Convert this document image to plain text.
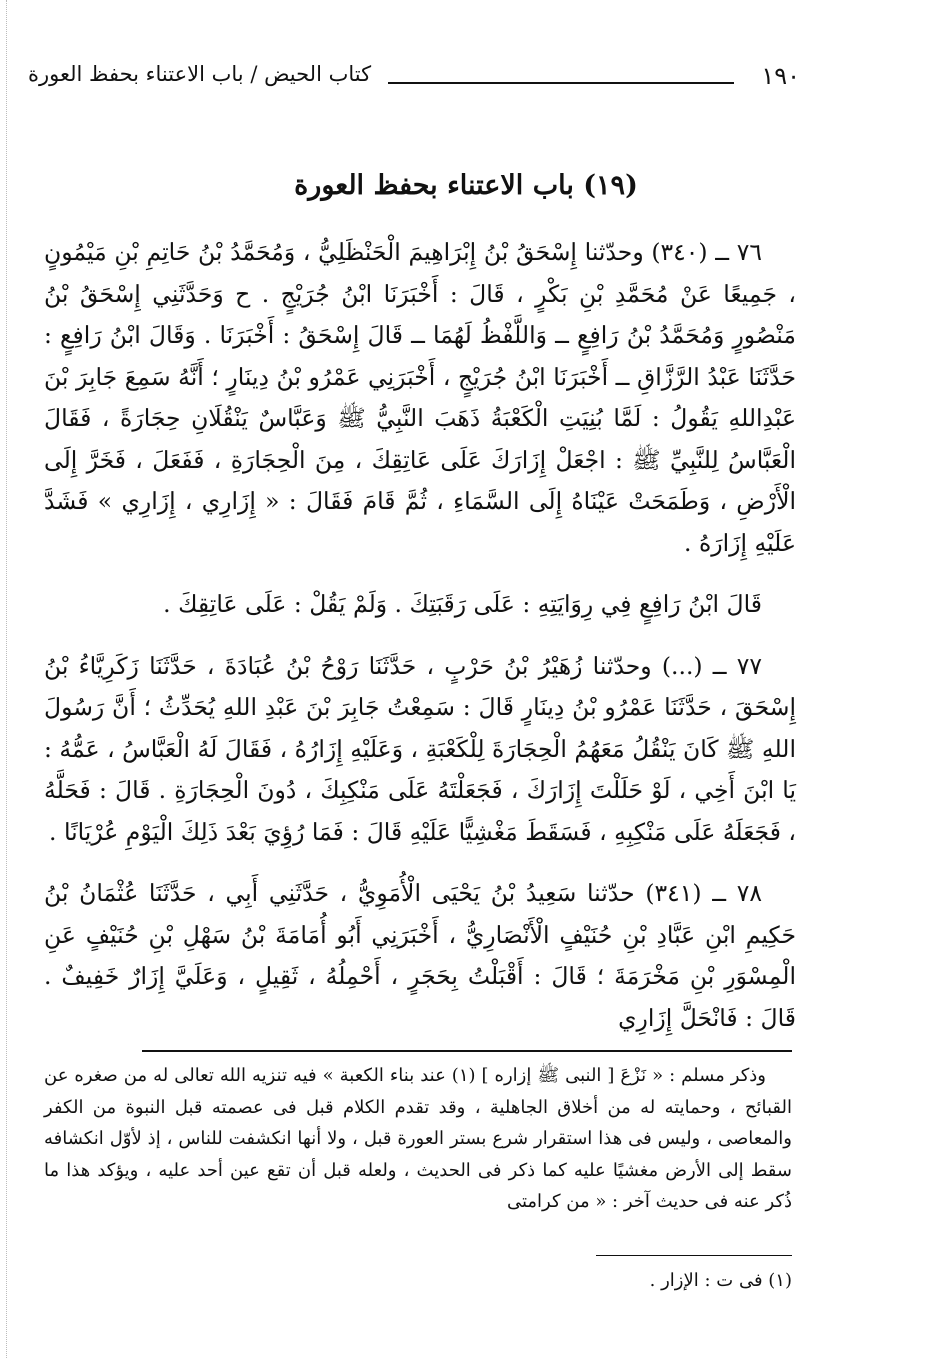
١٩٠
كتاب الحيض / باب الاعتناء بحفظ العورة
(١٩) باب الاعتناء بحفظ العورة

٧٦ ــ (٣٤٠) وحدّثنا إِسْحَقُ بْنُ إِبْرَاهِيمَ الْحَنْظَلِيُّ ، وَمُحَمَّدُ بْنُ حَاتِمِ بْنِ مَيْمُونٍ ، جَمِيعًا عَنْ مُحَمَّدِ بْنِ بَكْرٍ ، قَالَ : أَخْبَرَنَا ابْنُ جُرَيْجٍ . ح وَحَدَّثَنِي إِسْحَقُ بْنُ مَنْصُورٍ وَمُحَمَّدُ بْنُ رَافِعٍ ــ وَاللَّفْظُ لَهُمَا ــ قَالَ إِسْحَقُ : أَخْبَرَنَا . وَقَالَ ابْنُ رَافِعٍ : حَدَّثَنَا عَبْدُ الرَّزَّاقِ ــ أَخْبَرَنَا ابْنُ جُرَيْجٍ ، أَخْبَرَنِي عَمْرُو بْنُ دِينَارٍ ؛ أَنَّهُ سَمِعَ جَابِرَ بْنَ عَبْدِاللهِ يَقُولُ : لَمَّا بُنِيَتِ الْكَعْبَةُ ذَهَبَ النَّبِيُّ ﷺ وَعَبَّاسٌ يَنْقُلَانِ حِجَارَةً ، فَقَالَ الْعَبَّاسُ لِلنَّبِيِّ ﷺ : اجْعَلْ إِزَارَكَ عَلَى عَاتِقِكَ ، مِنَ الْحِجَارَةِ ، فَفَعَلَ ، فَخَرَّ إِلَى الْأَرْضِ ، وَطَمَحَتْ عَيْنَاهُ إِلَى السَّمَاءِ ، ثُمَّ قَامَ فَقَالَ : « إِزَارِي ، إِزَارِي » فَشَدَّ عَلَيْهِ إِزَارَهُ .

قَالَ ابْنُ رَافِعٍ فِي رِوَايَتِهِ : عَلَى رَقَبَتِكَ . وَلَمْ يَقُلْ : عَلَى عَاتِقِكَ .

٧٧ ــ (...) وحدّثنا زُهَيْرُ بْنُ حَرْبٍ ، حَدَّثَنَا رَوْحُ بْنُ عُبَادَةَ ، حَدَّثَنَا زَكَرِيَّاءُ بْنُ إِسْحَقَ ، حَدَّثَنَا عَمْرُو بْنُ دِينَارٍ قَالَ : سَمِعْتُ جَابِرَ بْنَ عَبْدِ اللهِ يُحَدِّثُ ؛ أَنَّ رَسُولَ اللهِ ﷺ كَانَ يَنْقُلُ مَعَهُمُ الْحِجَارَةَ لِلْكَعْبَةِ ، وَعَلَيْهِ إِزَارُهُ ، فَقَالَ لَهُ الْعَبَّاسُ ، عَمُّهُ : يَا ابْنَ أَخِي ، لَوْ حَلَلْتَ إِزَارَكَ ، فَجَعَلْتَهُ عَلَى مَنْكِبِكَ ، دُونَ الْحِجَارَةِ . قَالَ : فَحَلَّهُ ، فَجَعَلَهُ عَلَى مَنْكِبِهِ ، فَسَقَطَ مَغْشِيًّا عَلَيْهِ قَالَ : فَمَا رُؤِيَ بَعْدَ ذَلِكَ الْيَوْمِ عُرْيَانًا .

٧٨ ــ (٣٤١) حدّثنا سَعِيدُ بْنُ يَحْيَى الْأُمَوِيُّ ، حَدَّثَنِي أَبِي ، حَدَّثَنَا عُثْمَانُ بْنُ حَكِيمِ ابْنِ عَبَّادِ بْنِ حُنَيْفٍ الْأَنْصَارِيُّ ، أَخْبَرَنِي أَبُو أُمَامَةَ بْنُ سَهْلِ بْنِ حُنَيْفٍ عَنِ الْمِسْوَرِ بْنِ مَخْرَمَةَ ؛ قَالَ : أَقْبَلْتُ بِحَجَرٍ ، أَحْمِلُهُ ، ثَقِيلٍ ، وَعَلَيَّ إِزَارٌ خَفِيفٌ . قَالَ : فَانْحَلَّ إِزَارِي

وذكر مسلم : « نَزْعَ [ النبى ﷺ إزاره ] (١) عند بناء الكعبة » فيه تنزيه الله تعالى له من صغره عن القبائح ، وحمايته له من أخلاق الجاهلية ، وقد تقدم الكلام قبل فى عصمته قبل النبوة من الكفر والمعاصى ، وليس فى هذا استقرار شرع بستر العورة قبل ، ولا أنها انكشفت للناس ، إذ لأوّل انكشافه سقط إلى الأرض مغشيًا عليه كما ذكر فى الحديث ، ولعله قبل أن تقع عين أحد عليه ، ويؤكد هذا ما ذُكر عنه فى حديث آخر : « من كرامتى

(١) فى ت : الإزار .
